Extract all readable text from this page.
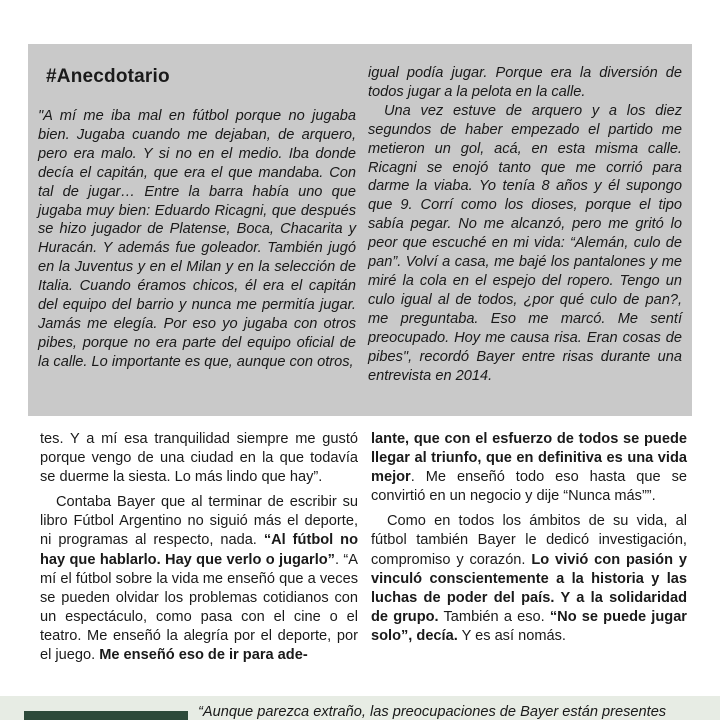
#Anecdotario

"A mí me iba mal en fútbol porque no jugaba bien. Jugaba cuando me dejaban, de arquero, pero era malo. Y si no en el medio. Iba donde decía el capitán, que era el que mandaba. Con tal de jugar… Entre la barra había uno que jugaba muy bien: Eduardo Ricagni, que después se hizo jugador de Platense, Boca, Chacarita y Huracán. Y además fue goleador. También jugó en la Juventus y en el Milan y en la selección de Italia. Cuando éramos chicos, él era el capitán del equipo del barrio y nunca me permitía jugar. Jamás me elegía. Por eso yo jugaba con otros pibes, porque no era parte del equipo oficial de la calle. Lo importante es que, aunque con otros,

igual podía jugar. Porque era la diversión de todos jugar a la pelota en la calle.

Una vez estuve de arquero y a los diez segundos de haber empezado el partido me metieron un gol, acá, en esta misma calle. Ricagni se enojó tanto que me corrió para darme la viaba. Yo tenía 8 años y él supongo que 9. Corrí como los dioses, porque el tipo sabía pegar. No me alcanzó, pero me gritó lo peor que escuché en mi vida: “Alemán, culo de pan”. Volví a casa, me bajé los pantalones y me miré la cola en el espejo del ropero. Tengo un culo igual al de todos, ¿por qué culo de pan?, me preguntaba. Eso me marcó. Me sentí preocupado. Hoy me causa risa. Eran cosas de pibes", recordó Bayer entre risas durante una entrevista en 2014.

tes. Y a mí esa tranquilidad siempre me gustó porque vengo de una ciudad en la que todavía se duerme la siesta. Lo más lindo que hay”.

Contaba Bayer que al terminar de escribir su libro Fútbol Argentino no siguió más el deporte, ni programas al respecto, nada. “Al fútbol no hay que hablarlo. Hay que verlo o jugarlo”. “A mí el fútbol sobre la vida me enseñó que a veces se pueden olvidar los problemas cotidianos con un espectáculo, como pasa con el cine o el teatro. Me enseñó la alegría por el deporte, por el juego. Me enseñó eso de ir para ade-

lante, que con el esfuerzo de todos se puede llegar al triunfo, que en definitiva es una vida mejor. Me enseñó todo eso hasta que se convirtió en un negocio y dije “Nunca más””.

Como en todos los ámbitos de su vida, al fútbol también Bayer le dedicó investigación, compromiso y corazón. Lo vivió con pasión y vinculó conscientemente a la historia y las luchas de poder del país. Y a la solidaridad de grupo. También a eso. “No se puede jugar solo”, decía. Y es así nomás.

“Aunque parezca extraño, las preocupaciones de Bayer están presentes
